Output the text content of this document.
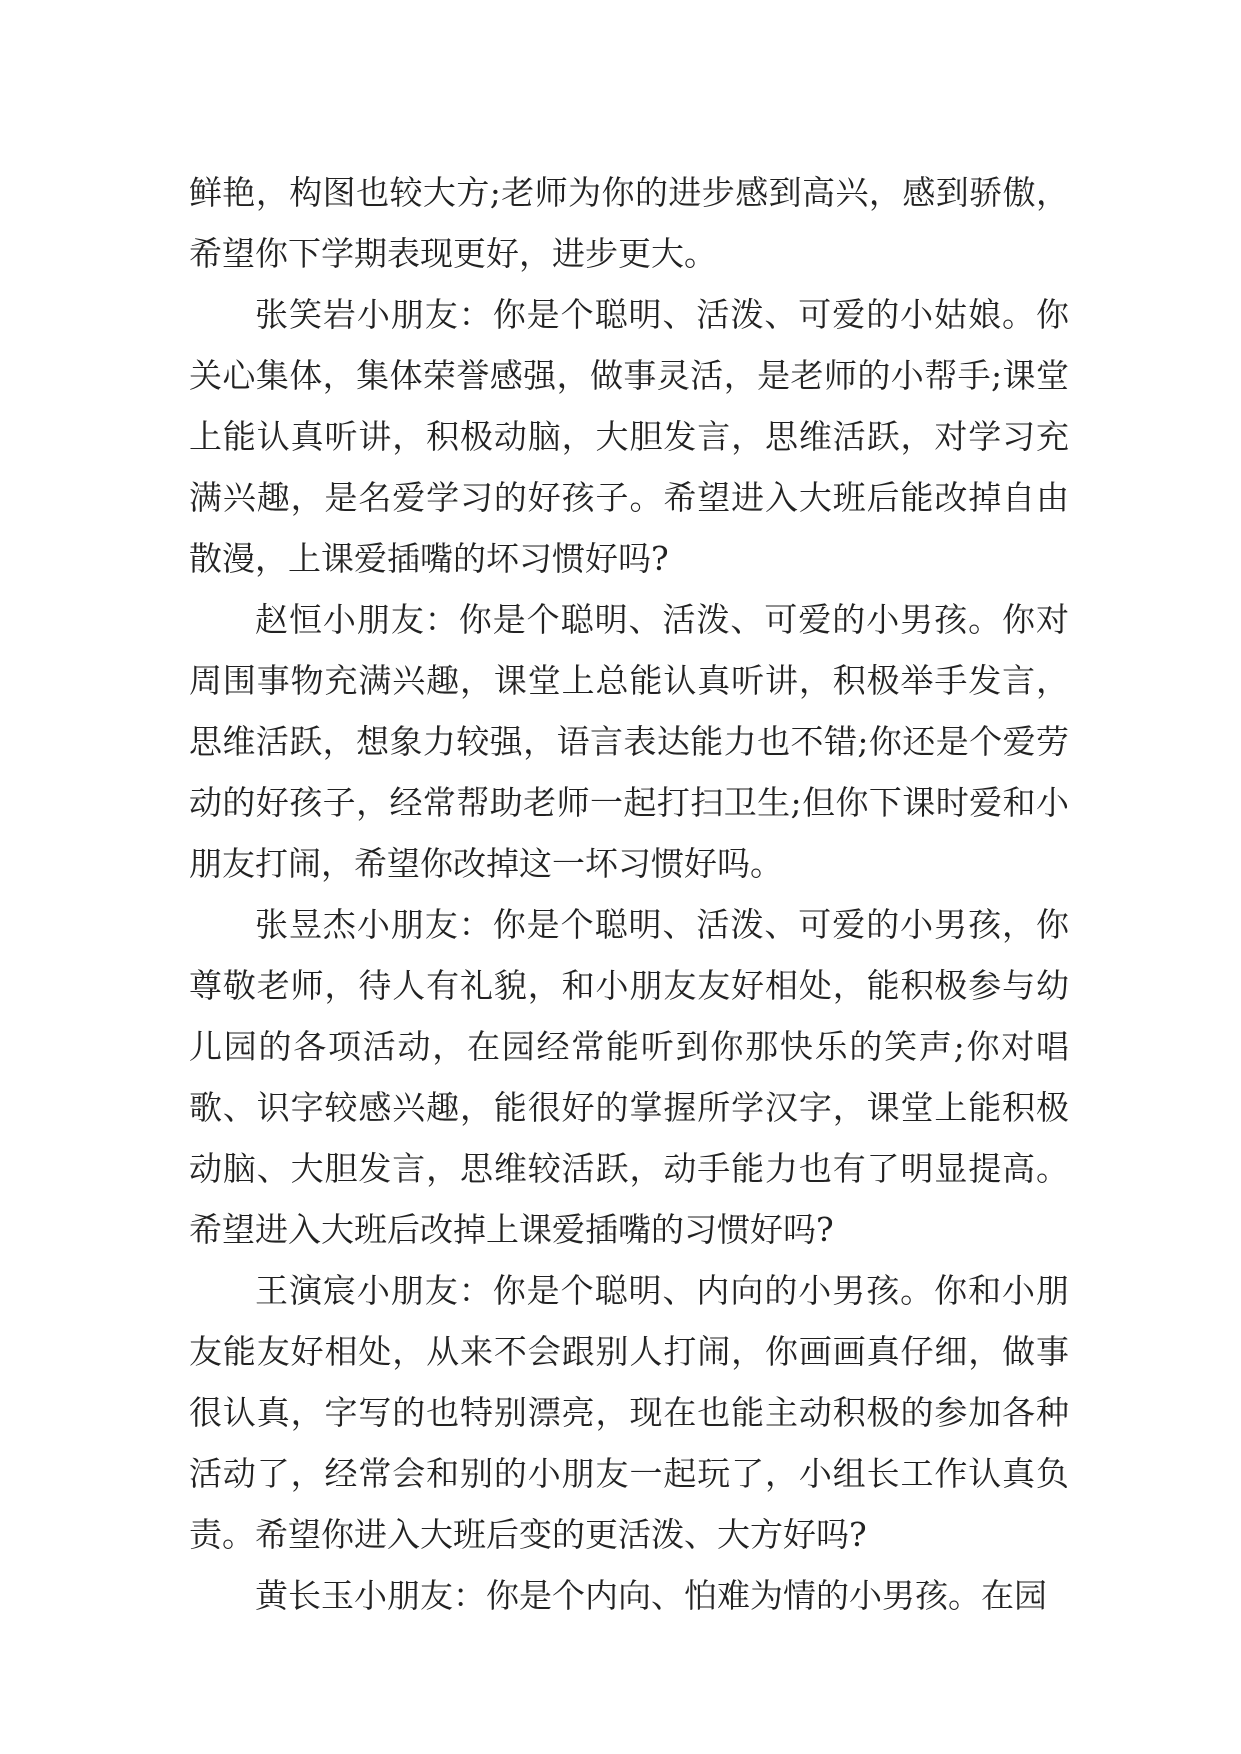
鲜艳，构图也较大方;老师为你的进步感到高兴，感到骄傲，希望你下学期表现更好，进步更大。

张笑岩小朋友：你是个聪明、活泼、可爱的小姑娘。你关心集体，集体荣誉感强，做事灵活，是老师的小帮手;课堂上能认真听讲，积极动脑，大胆发言，思维活跃，对学习充满兴趣，是名爱学习的好孩子。希望进入大班后能改掉自由散漫，上课爱插嘴的坏习惯好吗?

赵恒小朋友：你是个聪明、活泼、可爱的小男孩。你对周围事物充满兴趣，课堂上总能认真听讲，积极举手发言，思维活跃，想象力较强，语言表达能力也不错;你还是个爱劳动的好孩子，经常帮助老师一起打扫卫生;但你下课时爱和小朋友打闹，希望你改掉这一坏习惯好吗。

张昱杰小朋友：你是个聪明、活泼、可爱的小男孩，你尊敬老师，待人有礼貌，和小朋友友好相处，能积极参与幼儿园的各项活动，在园经常能听到你那快乐的笑声;你对唱歌、识字较感兴趣，能很好的掌握所学汉字，课堂上能积极动脑、大胆发言，思维较活跃，动手能力也有了明显提高。希望进入大班后改掉上课爱插嘴的习惯好吗?

王演宸小朋友：你是个聪明、内向的小男孩。你和小朋友能友好相处，从来不会跟别人打闹，你画画真仔细，做事很认真，字写的也特别漂亮，现在也能主动积极的参加各种活动了，经常会和别的小朋友一起玩了，小组长工作认真负责。希望你进入大班后变的更活泼、大方好吗?

黄长玉小朋友：你是个内向、怕难为情的小男孩。在园
